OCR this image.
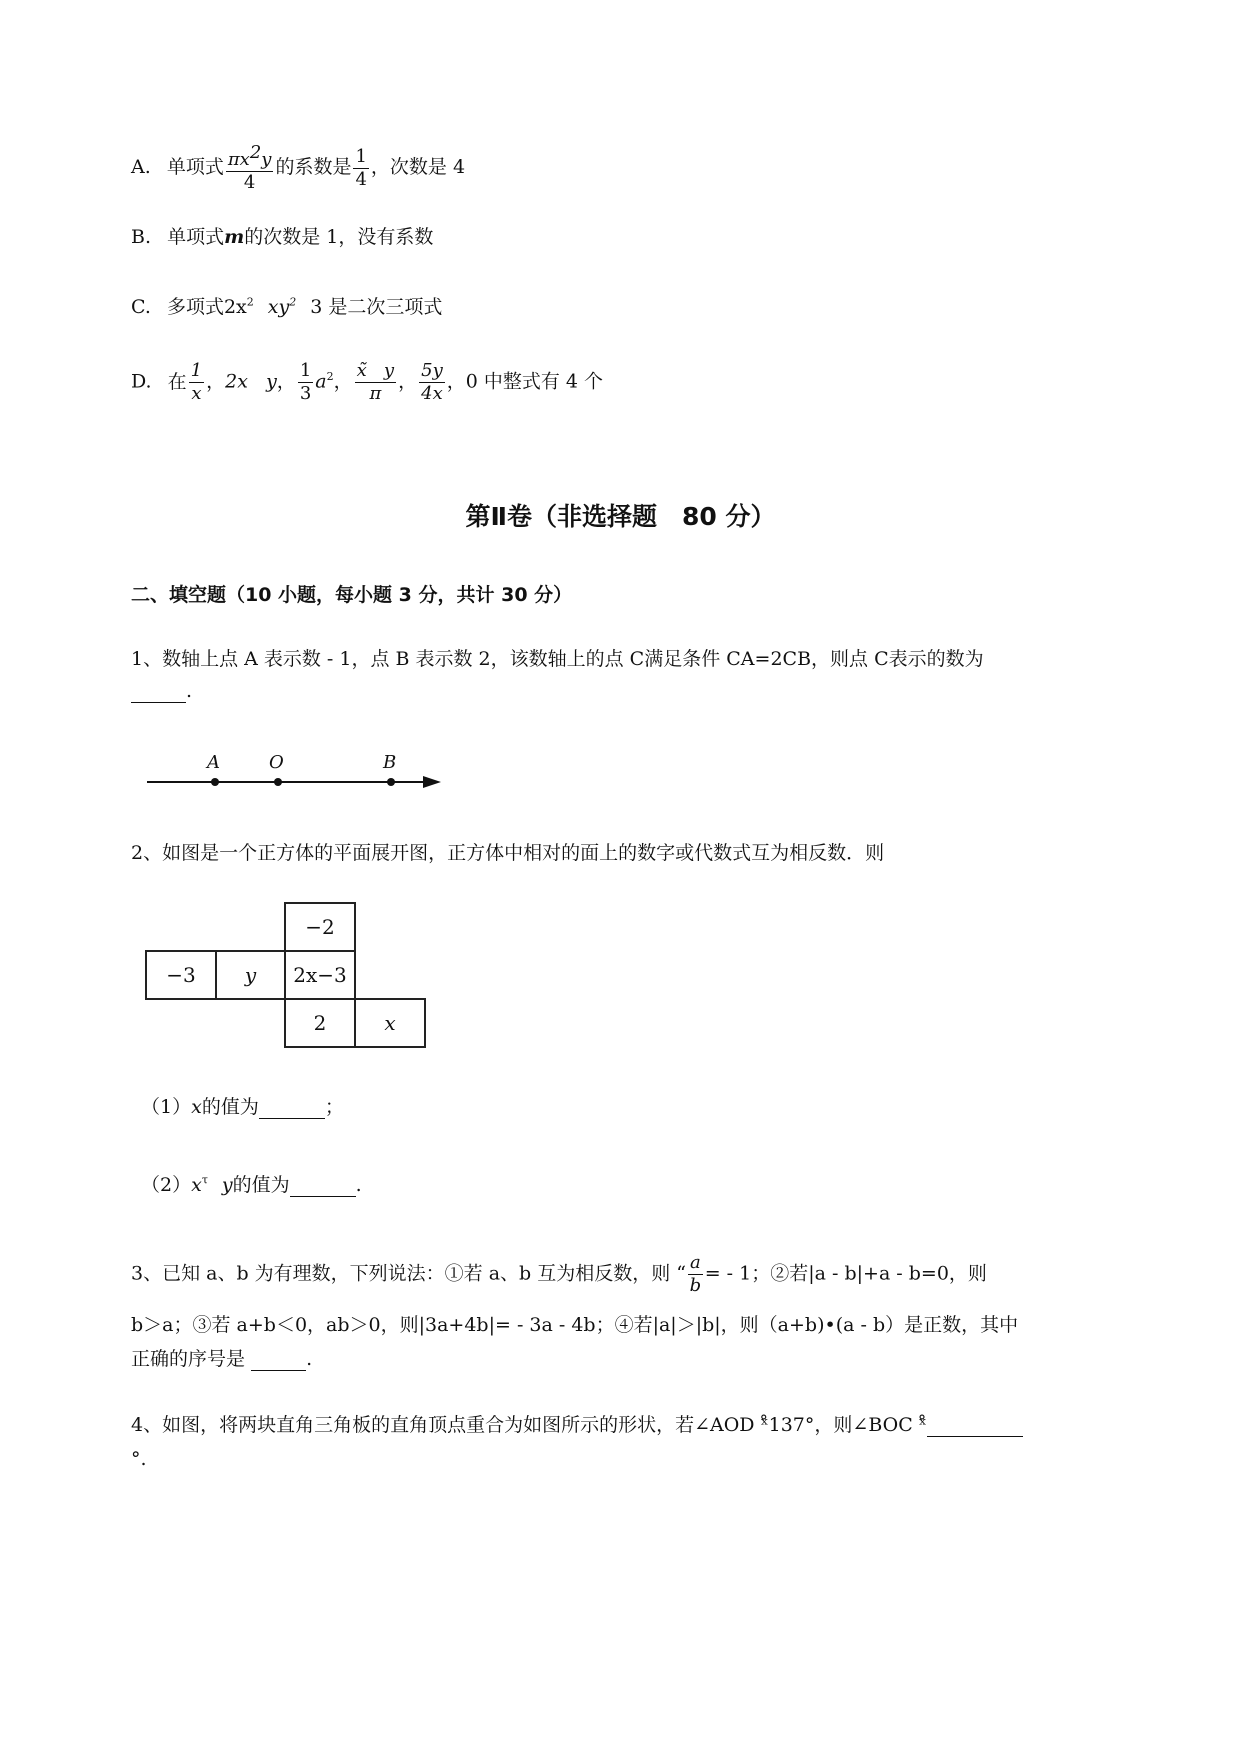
A. 单项式 $\frac{\pi x2y}{4}$ 的系数是 $\frac{1}{4}$ ，次数是 4
B. 单项式m的次数是 1，没有系数
C. 多项式$2x^2$ $xy^2$ 3 是二次三项式
D. 在 $\frac{1}{x}$ ，2x   y， $\frac{1}{3} a^2$， $\frac{x̃ y}{\pi}$ ， $\frac{5y}{4x}$ ，0 中整式有 4 个
第Ⅱ卷（非选择题　80 分）
二、填空题（10 小题，每小题 3 分，共计 30 分）
1、数轴上点 A 表示数 - 1，点 B 表示数 2，该数轴上的点 C满足条件 CA=2CB，则点 C表示的数为
.
A	O	B
2、如图是一个正方体的平面展开图，正方体中相对的面上的数字或代数式互为相反数．则
−2
−3	y	2x−3
2	x
（1）x的值为	；
$(2)x^\tau$ y的值为	.
3、已知 a、b 为有理数，下列说法：①若 a、b 互为相反数，则 “ $\frac{a}{b}$ = - 1；②若|a - b|+a - b=0，则
b＞a；③若 a+b＜0，ab＞0，则|3a+4b|= - 3a - 4b；④若|a|＞|b|，则（a+b)•(a - b）是正数，其中
正确的序号是	.
4、如图，将两块直角三角板的直角顶点重合为如图所示的形状，若∠AOD ˣ̊137°，则∠BOC ˣ̊
°.
